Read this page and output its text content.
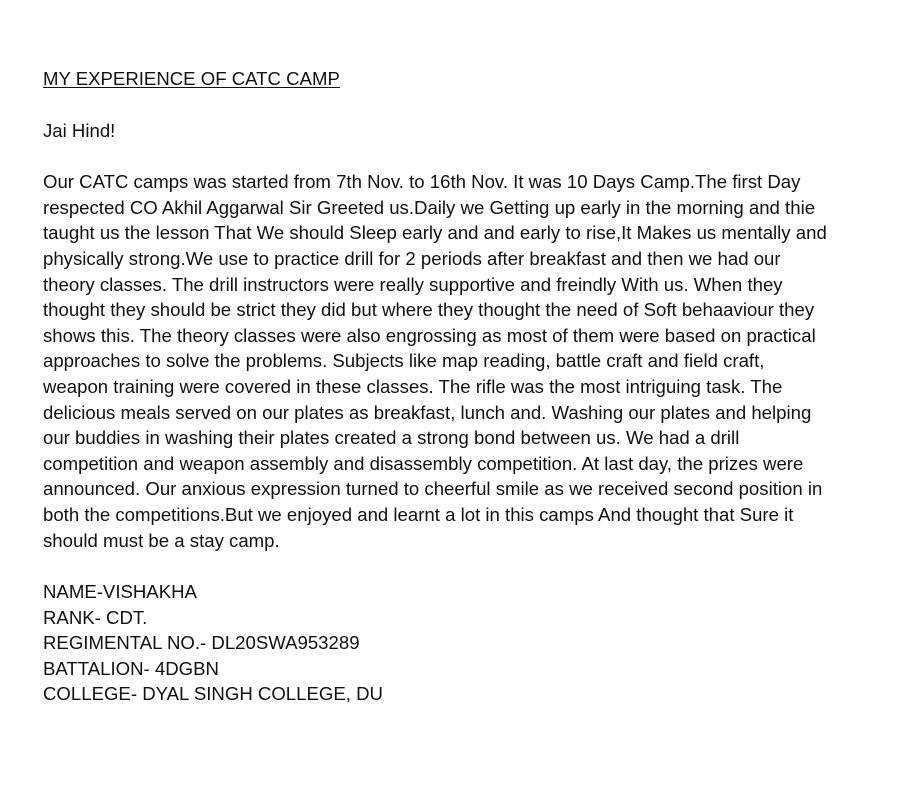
MY EXPERIENCE OF CATC CAMP

Jai Hind!

Our CATC camps was started from 7th Nov. to 16th Nov. It was 10 Days Camp.The first Day
respected CO Akhil Aggarwal Sir Greeted us.Daily we Getting up early in the morning and thie
taught us the lesson That We should Sleep early and and early to rise,It Makes us mentally and
physically strong.We use to practice drill for 2 periods after breakfast and then we had our
theory classes. The drill instructors were really supportive and freindly With us. When they
thought they should be strict they did but where they thought the need of Soft behaaviour they
shows this. The theory classes were also engrossing as most of them were based on practical
approaches to solve the problems. Subjects like map reading, battle craft and field craft,
weapon training were covered in these classes. The rifle was the most intriguing task. The
delicious meals served on our plates as breakfast, lunch and. Washing our plates and helping
our buddies in washing their plates created a strong bond between us. We had a drill
competition and weapon assembly and disassembly competition. At last day, the prizes were
announced. Our anxious expression turned to cheerful smile as we received second position in
both the competitions.But we enjoyed and learnt a lot in this camps And thought that Sure it
should must be a stay camp.

NAME-VISHAKHA
RANK- CDT.
REGIMENTAL NO.- DL20SWA953289
BATTALION- 4DGBN
COLLEGE- DYAL SINGH COLLEGE, DU
